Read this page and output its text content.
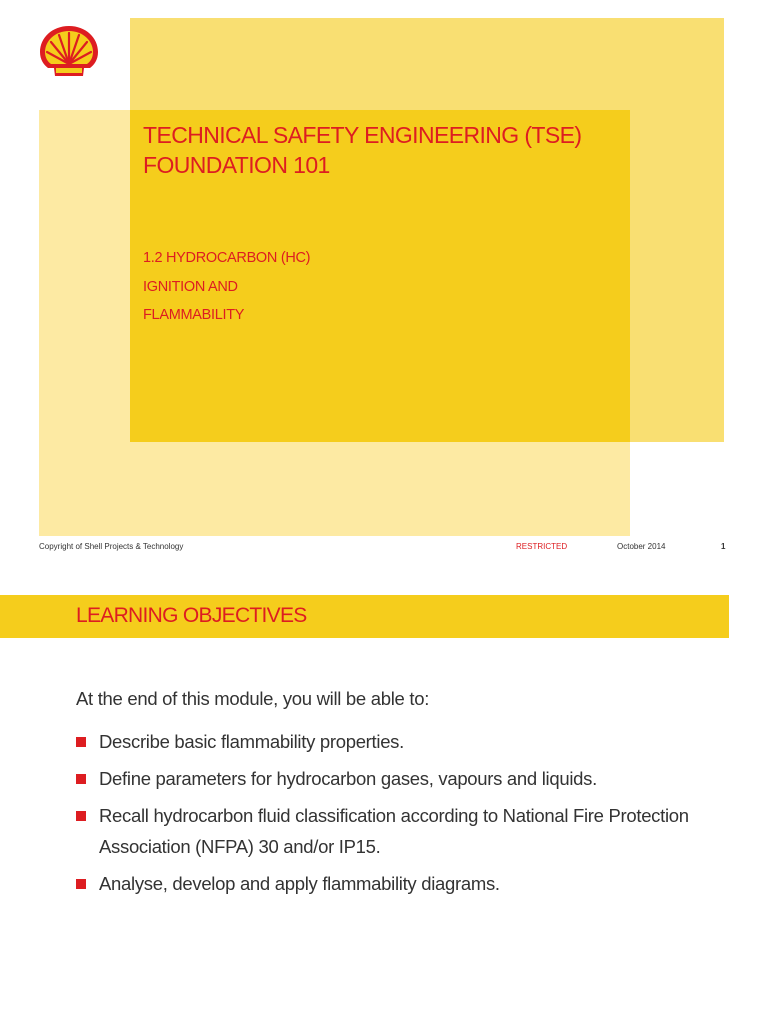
TECHNICAL SAFETY ENGINEERING (TSE)
FOUNDATION 101
1.2 HYDROCARBON (HC)
IGNITION AND
FLAMMABILITY
Copyright of Shell Projects & Technology	RESTRICTED	October 2014	1
LEARNING OBJECTIVES

At the end of this module, you will be able to:

Describe basic flammability properties.
Define parameters for hydrocarbon gases, vapours and liquids.
Recall hydrocarbon fluid classification according to National Fire Protection Association (NFPA) 30 and/or IP15.
Analyse, develop and apply flammability diagrams.
